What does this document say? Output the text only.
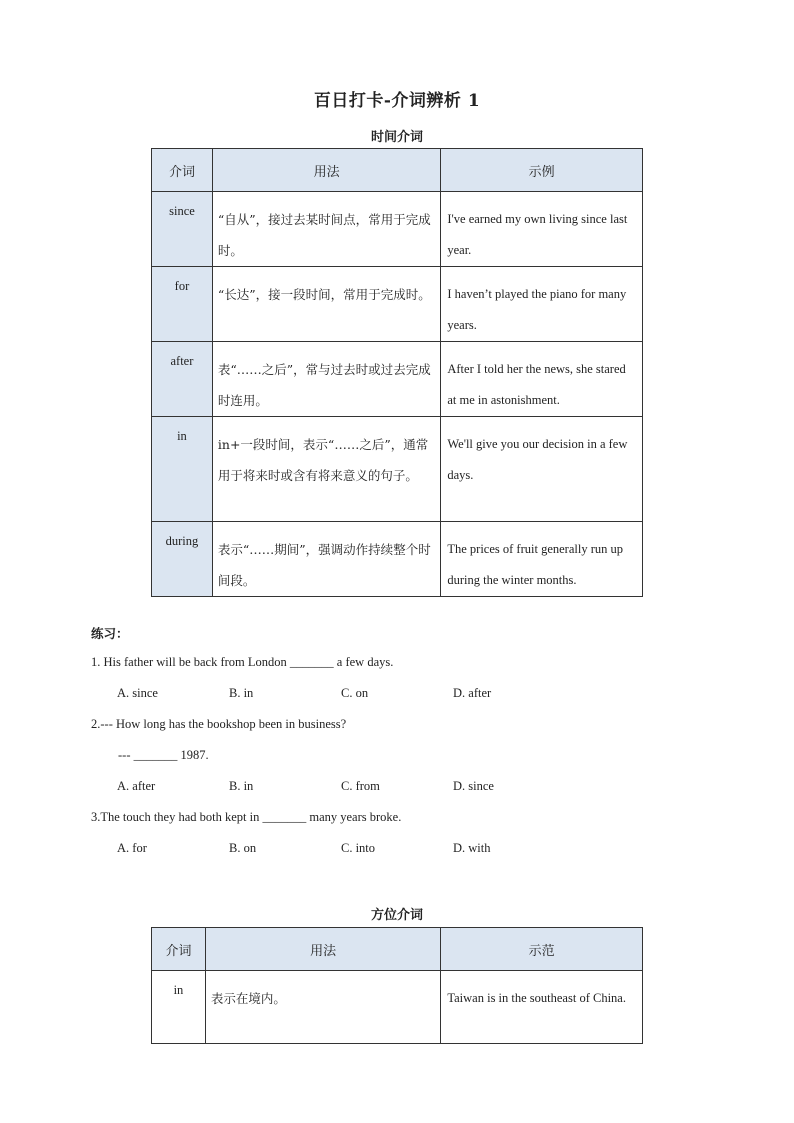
百日打卡-介词辨析 1
时间介词
介词	用法	示例
since	“自从”，接过去某时间点，常用于完成时。	I've earned my own living since last year.
for	“长达”，接一段时间，常用于完成时。	I haven’t played the piano for many years.
after	表“……之后”，常与过去时或过去完成时连用。	After I told her the news, she stared at me in astonishment.
in	in+一段时间，表示“……之后”，通常用于将来时或含有将来意义的句子。	We'll give you our decision in a few days.
during	表示“……期间”，强调动作持续整个时间段。	The prices of fruit generally run up during the winter months.
练习：
1. His father will be back from London _______ a few days.
A. since	B. in	C. on	D. after
2.--- How long has the bookshop been in business?
--- _______ 1987.
A. after	B. in	C. from	D. since
3.The touch they had both kept in _______ many years broke.
A. for	B. on	C. into	D. with
方位介词
介词	用法	示范
in	表示在境内。	Taiwan is in the southeast of China.
